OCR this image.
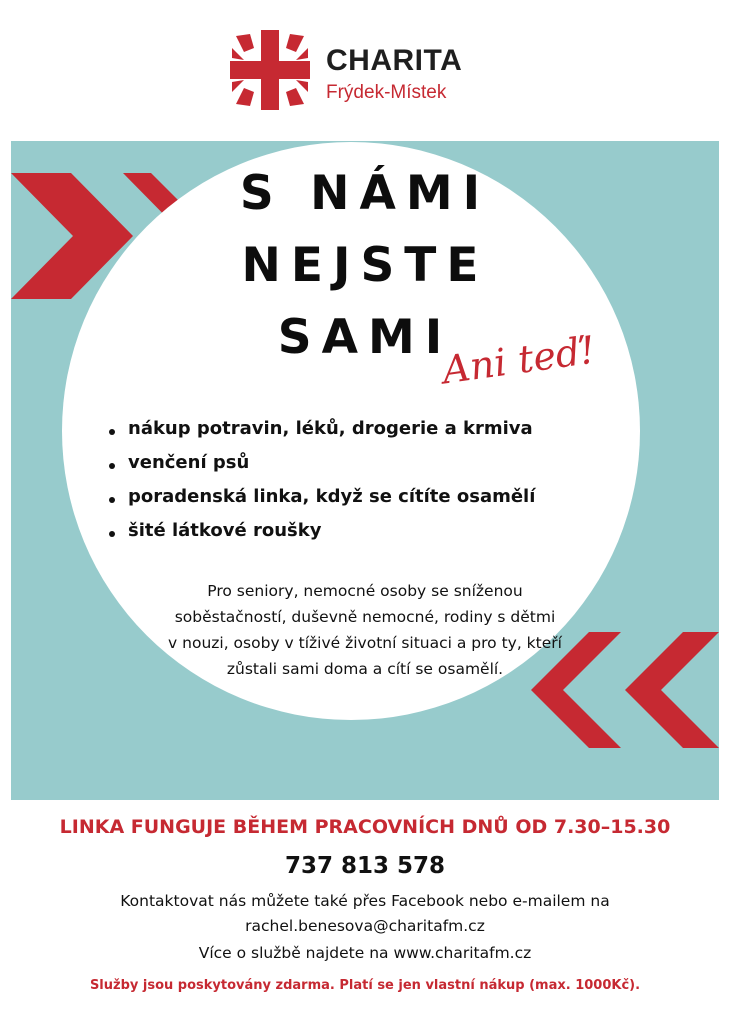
CHARITA
Frýdek-Místek
S NÁMI
NEJSTE
SAMI
Ani teď!
nákup potravin, léků, drogerie a krmiva
venčení psů
poradenská linka, když se cítíte osamělí
šité látkové roušky
Pro seniory, nemocné osoby se sníženou
soběstačností, duševně nemocné, rodiny s dětmi
v nouzi, osoby v tíživé životní situaci a pro ty, kteří
zůstali sami doma a cítí se osamělí.
LINKA FUNGUJE BĚHEM PRACOVNÍCH DNŮ OD 7.30–15.30
737 813 578
Kontaktovat nás můžete také přes Facebook nebo e-mailem na
rachel.benesova@charitafm.cz
Více o službě najdete na www.charitafm.cz
Služby jsou poskytovány zdarma. Platí se jen vlastní nákup (max. 1000Kč).
